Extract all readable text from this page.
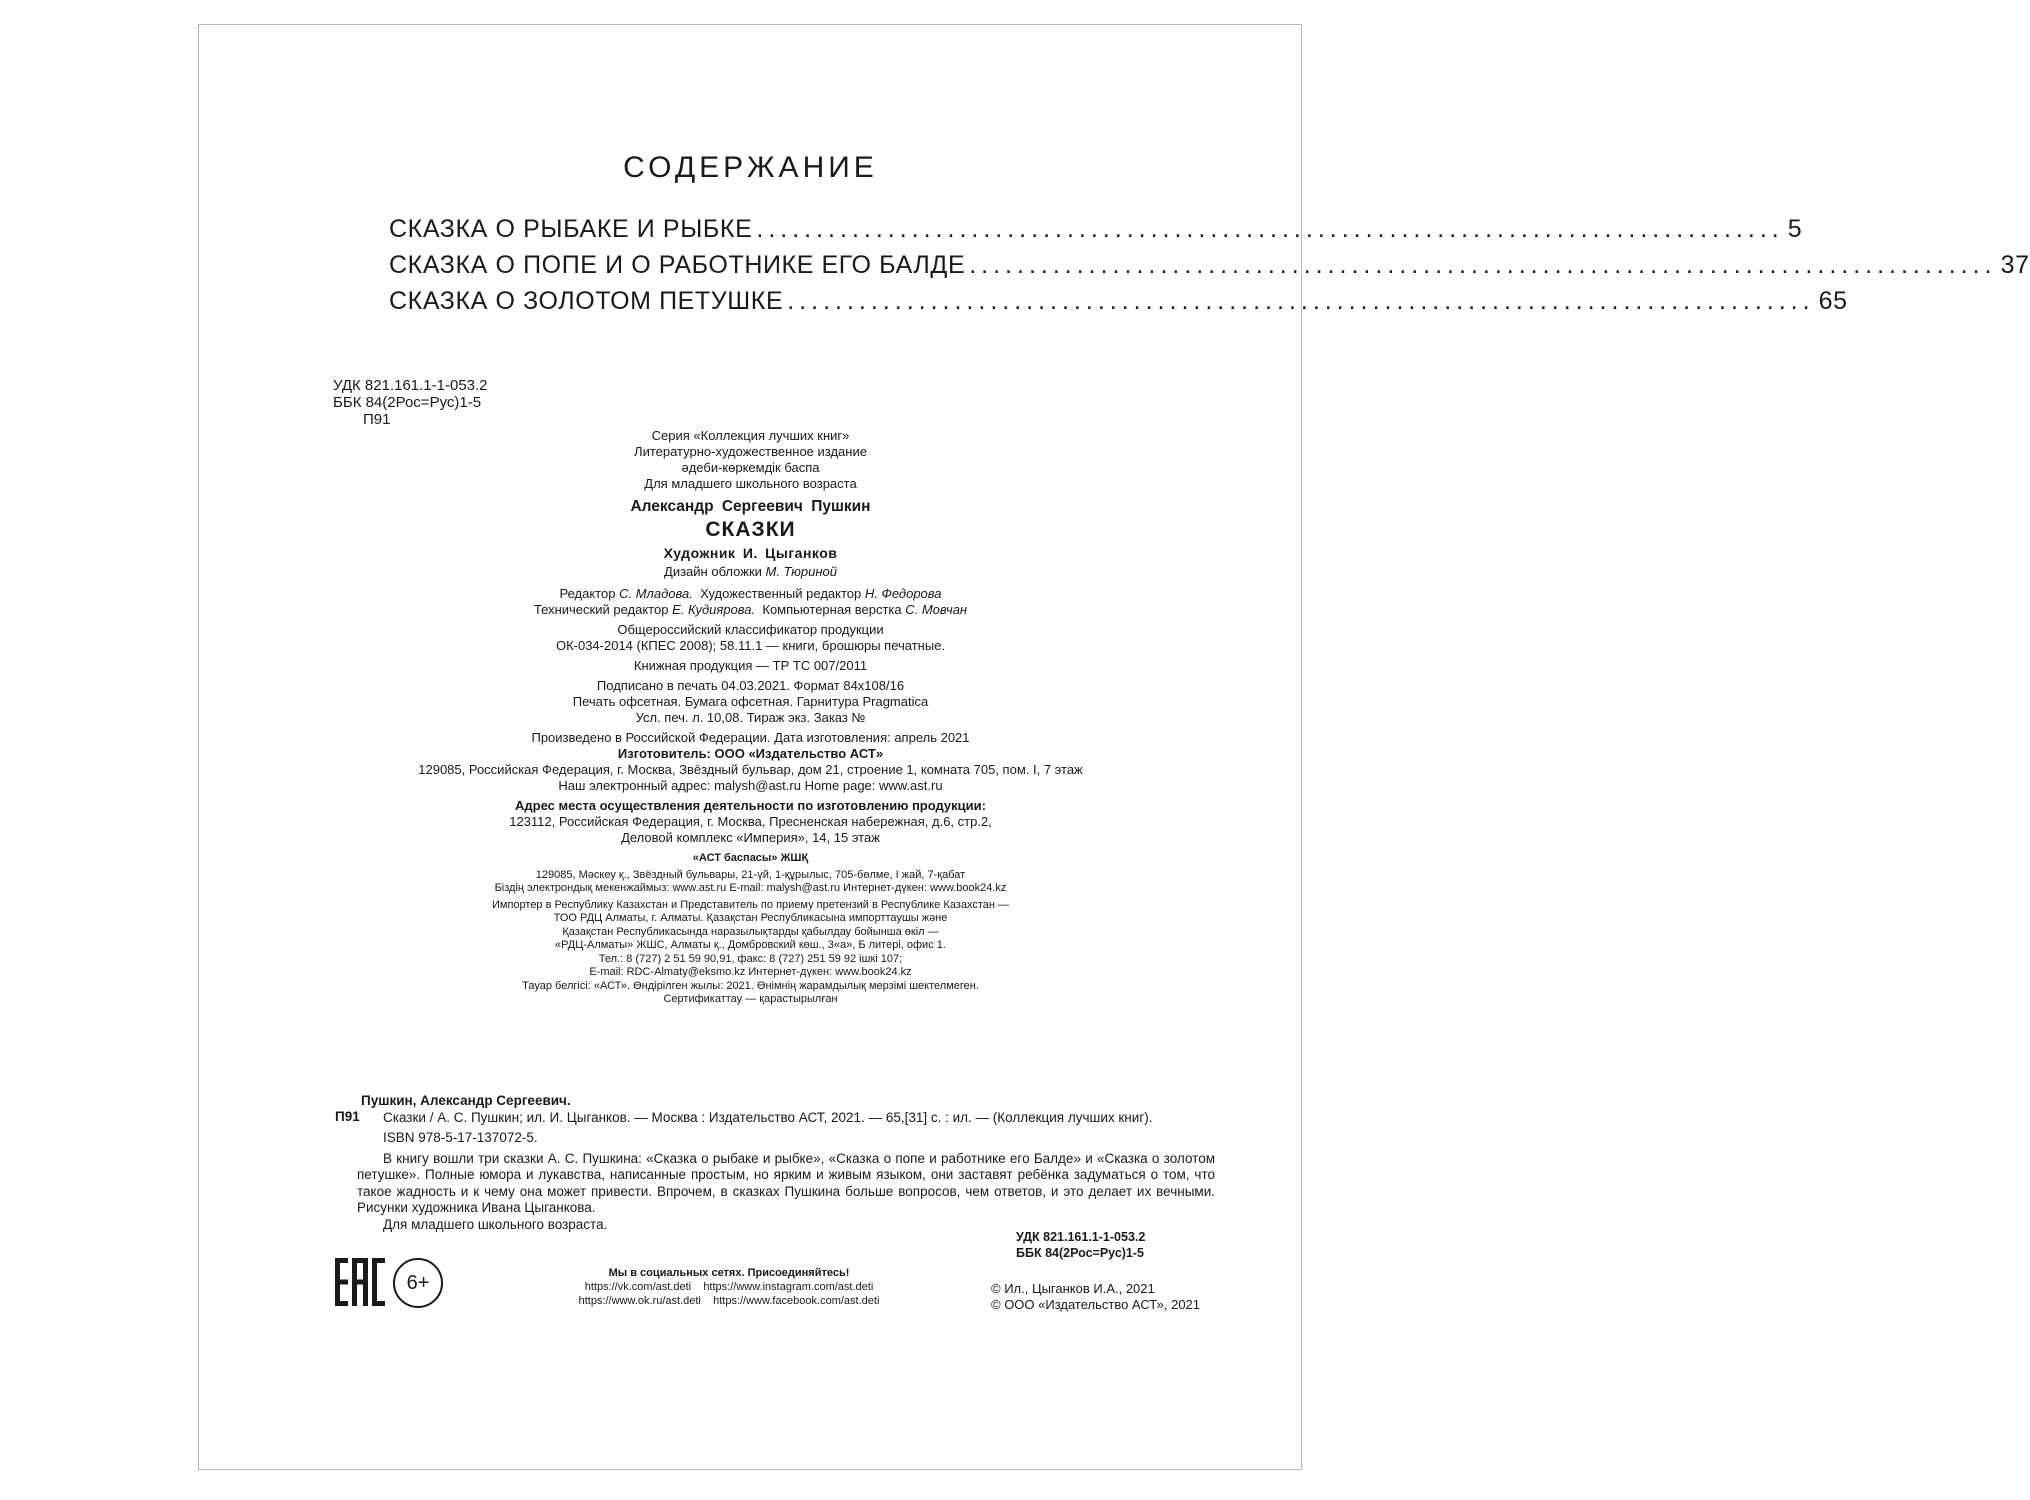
СОДЕРЖАНИЕ
СКАЗКА О РЫБАКЕ И РЫБКЕ ...................................................................................... 5
СКАЗКА О ПОПЕ И О РАБОТНИКЕ ЕГО БАЛДЕ ...................................................................................... 37
СКАЗКА О ЗОЛОТОМ ПЕТУШКЕ ...................................................................................... 65
УДК 821.161.1-1-053.2
ББК 84(2Рос=Рус)1-5
П91
Серия «Коллекция лучших книг»
Литературно-художественное издание
әдеби-көркемдік баспа
Для младшего школьного возраста
Александр Сергеевич Пушкин
СКАЗКИ
Художник И. Цыганков
Дизайн обложки М. Тюриной
Редактор С. Младова. Художественный редактор Н. Федорова
Технический редактор Е. Кудиярова. Компьютерная верстка С. Мовчан
Общероссийский классификатор продукции
ОК-034-2014 (КПЕС 2008); 58.11.1 — книги, брошюры печатные.
Книжная продукция — ТР ТС 007/2011
Подписано в печать 04.03.2021. Формат 84x108/16
Печать офсетная. Бумага офсетная. Гарнитура Pragmatica
Усл. печ. л. 10,08. Тираж экз. Заказ №
Произведено в Российской Федерации. Дата изготовления: апрель 2021
Изготовитель: ООО «Издательство АСТ»
129085, Российская Федерация, г. Москва, Звёздный бульвар, дом 21, строение 1, комната 705, пом. I, 7 этаж
Наш электронный адрес: malysh@ast.ru Home page: www.ast.ru
Адрес места осуществления деятельности по изготовлению продукции:
123112, Российская Федерация, г. Москва, Пресненская набережная, д.6, стр.2,
Деловой комплекс «Империя», 14, 15 этаж
«АСТ баспасы» ЖШҚ
129085, Мәскеу қ., Звёздный бульвары, 21-үй, 1-құрылыс, 705-бөлме, I жай, 7-қабат
Біздің электрондық мекенжаймыз: www.ast.ru E-mail: malysh@ast.ru Интернет-дүкен: www.book24.kz
Импортер в Республику Казахстан и Представитель по приему претензий в Республике Казахстан —
ТОО РДЦ Алматы, г. Алматы. Қазақстан Республикасына импорттаушы және
Қазақстан Республикасында наразылықтарды қабылдау бойынша өкіл —
«РДЦ-Алматы» ЖШС, Алматы қ., Домбровский көш., 3«а», Б литері, офис 1.
Тел.: 8 (727) 2 51 59 90,91, факс: 8 (727) 251 59 92 ішкі 107;
E-mail: RDC-Almaty@eksmo.kz Интернет-дүкен: www.book24.kz
Тауар белгісі: «АСТ». Өндірілген жылы: 2021. Өнімнің жарамдылық мерзімі шектелмеген.
Сертификаттау — қарастырылған
Пушкин, Александр Сергеевич.
П91	Сказки / А. С. Пушкин; ил. И. Цыганков. — Москва : Издательство АСТ, 2021. — 65,[31] с. : ил. — (Коллекция лучших книг).
ISBN 978-5-17-137072-5.
В книгу вошли три сказки А. С. Пушкина: «Сказка о рыбаке и рыбке», «Сказка о попе и работнике его Балде» и «Сказка о золотом петушке». Полные юмора и лукавства, написанные простым, но ярким и живым языком, они заставят ребёнка задуматься о том, что такое жадность и к чему она может привести. Впрочем, в сказках Пушкина больше вопросов, чем ответов, и это делает их вечными. Рисунки художника Ивана Цыганкова.
Для младшего школьного возраста.
УДК 821.161.1-1-053.2
ББК 84(2Рос=Рус)1-5
6+	Мы в социальных сетях. Присоединяйтесь!
https://vk.com/ast.deti    https://www.instagram.com/ast.deti
https://www.ok.ru/ast.deti    https://www.facebook.com/ast.deti
© Ил., Цыганков И.А., 2021
© ООО «Издательство АСТ», 2021
